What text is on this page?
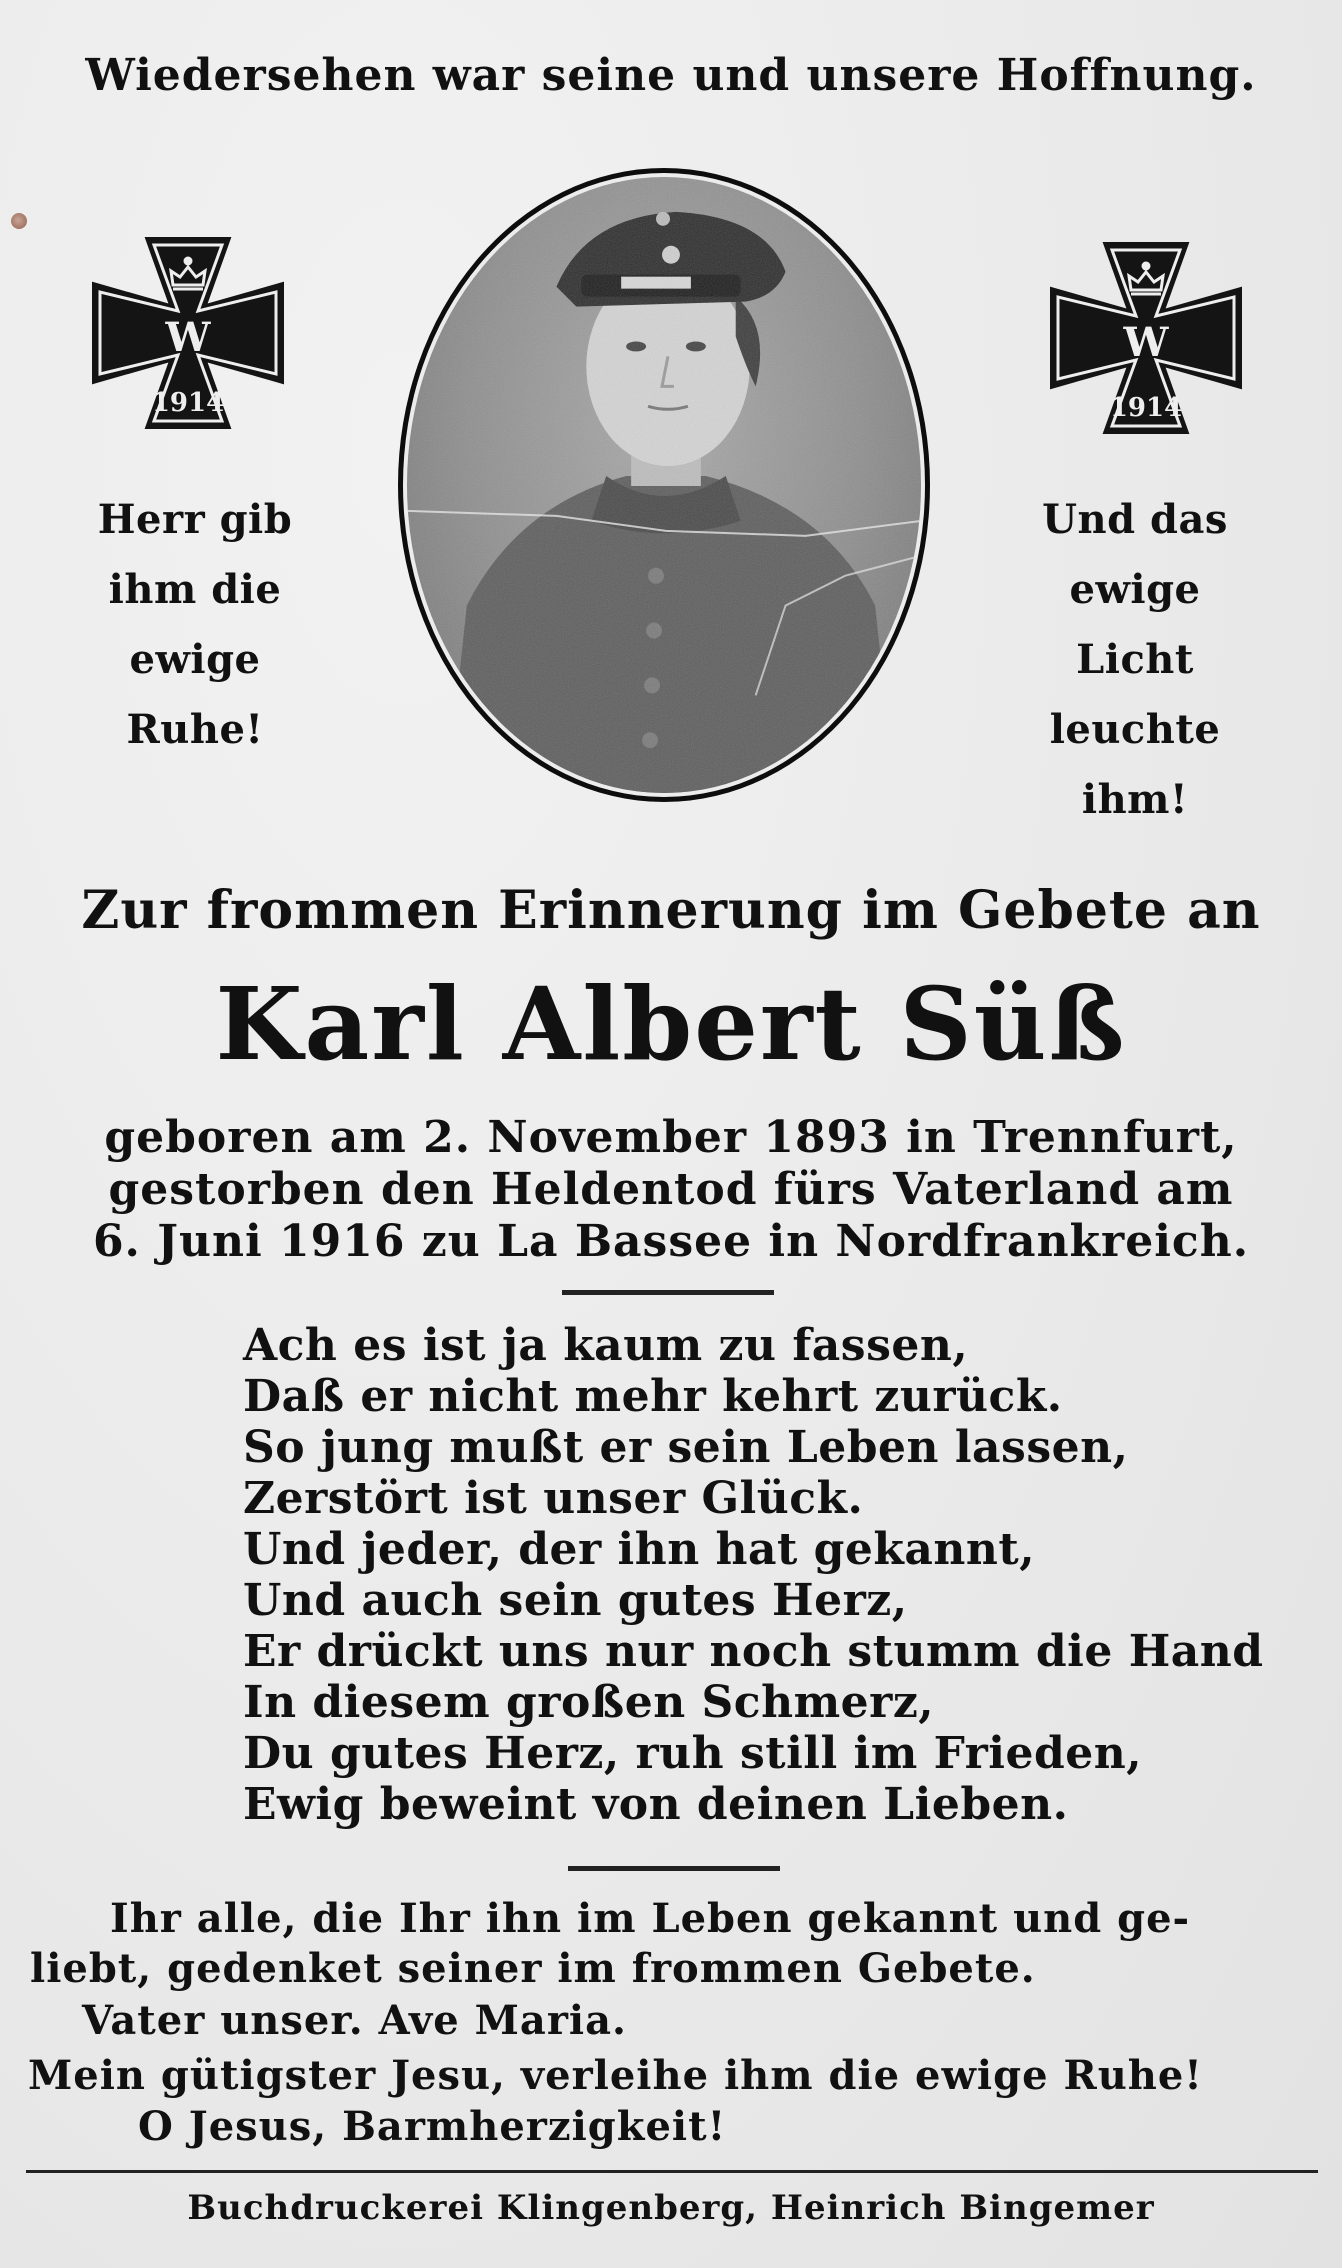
Wiedersehen war seine und unsere Hoffnung.
W
1914
W
1914
Herr gib
ihm die
ewige
Ruhe!
Und das
ewige
Licht
leuchte
ihm!
Zur frommen Erinnerung im Gebete an
Karl Albert Süß
geboren am 2. November 1893 in Trennfurt,
gestorben den Heldentod fürs Vaterland am
6. Juni 1916 zu La Bassee in Nordfrankreich.
Ach es ist ja kaum zu fassen,
Daß er nicht mehr kehrt zurück.
So jung mußt er sein Leben lassen,
Zerstört ist unser Glück.
Und jeder, der ihn hat gekannt,
Und auch sein gutes Herz,
Er drückt uns nur noch stumm die Hand
In diesem großen Schmerz,
Du gutes Herz, ruh still im Frieden,
Ewig beweint von deinen Lieben.
Ihr alle, die Ihr ihn im Leben gekannt und ge-
liebt, gedenket seiner im frommen Gebete.
Vater unser. Ave Maria.
Mein gütigster Jesu, verleihe ihm die ewige Ruhe!
O Jesus, Barmherzigkeit!
Buchdruckerei Klingenberg, Heinrich Bingemer
